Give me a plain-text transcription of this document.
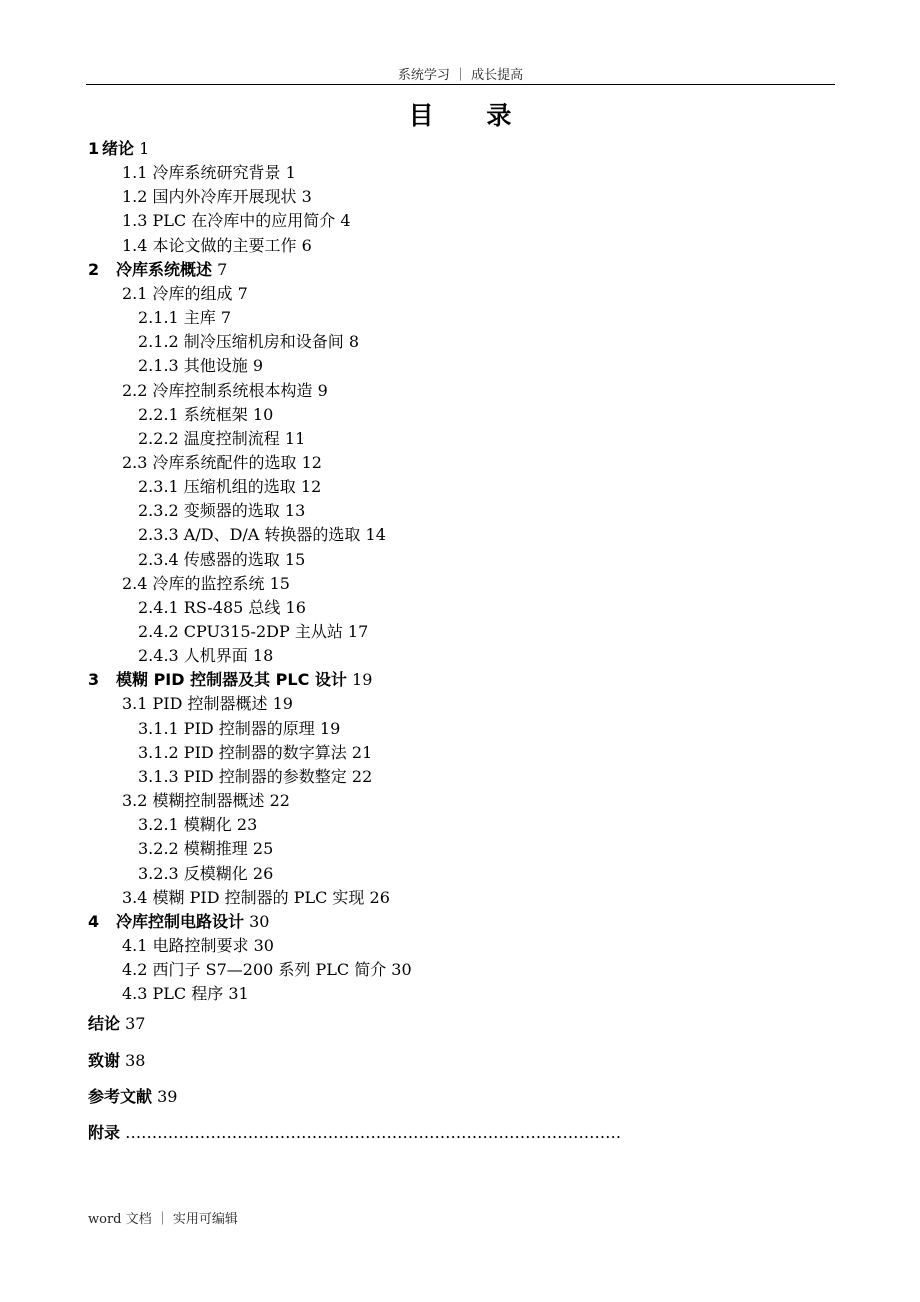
系统学习 ｜ 成长提高
目 录
1 绪论 1
1.1 冷库系统研究背景 1
1.2 国内外冷库开展现状 3
1.3 PLC 在冷库中的应用简介 4
1.4 本论文做的主要工作 6
2 冷库系统概述 7
2.1 冷库的组成 7
2.1.1 主库 7
2.1.2 制冷压缩机房和设备间 8
2.1.3 其他设施 9
2.2 冷库控制系统根本构造 9
2.2.1 系统框架 10
2.2.2 温度控制流程 11
2.3 冷库系统配件的选取 12
2.3.1 压缩机组的选取 12
2.3.2 变频器的选取 13
2.3.3 A/D、D/A 转换器的选取 14
2.3.4 传感器的选取 15
2.4 冷库的监控系统 15
2.4.1 RS-485 总线 16
2.4.2 CPU315-2DP 主从站 17
2.4.3 人机界面 18
3 模糊 PID 控制器及其 PLC 设计 19
3.1 PID 控制器概述 19
3.1.1 PID 控制器的原理 19
3.1.2 PID 控制器的数字算法 21
3.1.3 PID 控制器的参数整定 22
3.2 模糊控制器概述 22
3.2.1 模糊化 23
3.2.2 模糊推理 25
3.2.3 反模糊化 26
3.4 模糊 PID 控制器的 PLC 实现 26
4 冷库控制电路设计 30
4.1 电路控制要求 30
4.2 西门子 S7—200 系列 PLC 简介 30
4.3 PLC 程序 31
结论 37
致谢 38
参考文献 39
附录 …………………………………………………………………………………
word 文档 ｜ 实用可编辑
